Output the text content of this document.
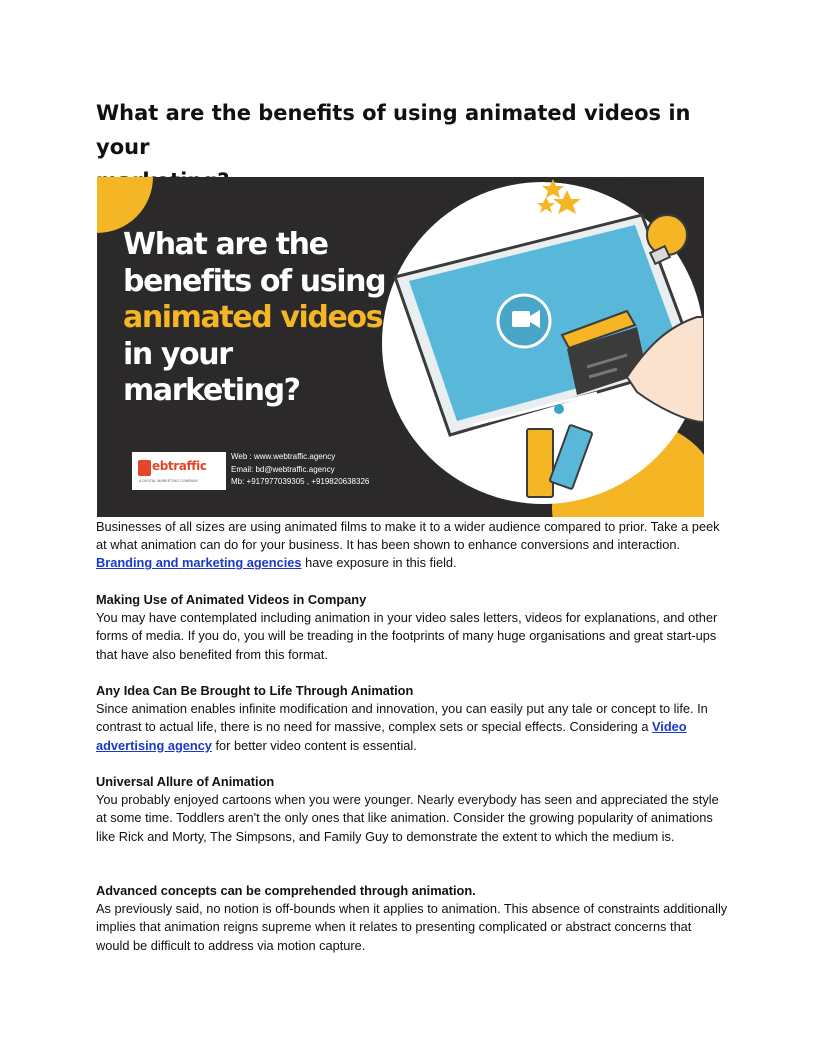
What are the benefits of using animated videos in your

What are the
benefits of using
animated videos
in your
marketing?
ebtraffic
A DIGITAL MARKETING COMPANY
Web : www.webtraffic.agency
Email: bd@webtraffic.agency
Mb: +917977039305 , +919820638326

Businesses of all sizes are using animated films to make it to a wider audience compared to prior. Take a peek at what animation can do for your business. It has been shown to enhance conversions and interaction. Branding and marketing agencies have exposure in this field.

Making Use of Animated Videos in Company

You may have contemplated including animation in your video sales letters, videos for explanations, and other forms of media. If you do, you will be treading in the footprints of many huge organisations and great start-ups that have also benefited from this format.

Any Idea Can Be Brought to Life Through Animation

Since animation enables infinite modification and innovation, you can easily put any tale or concept to life. In contrast to actual life, there is no need for massive, complex sets or special effects. Considering a Video advertising agency for better video content is essential.

Universal Allure of Animation

You probably enjoyed cartoons when you were younger. Nearly everybody has seen and appreciated the style at some time. Toddlers aren't the only ones that like animation. Consider the growing popularity of animations like Rick and Morty, The Simpsons, and Family Guy to demonstrate the extent to which the medium is.

Advanced concepts can be comprehended through animation.

As previously said, no notion is off-bounds when it applies to animation. This absence of constraints additionally implies that animation reigns supreme when it relates to presenting complicated or abstract concerns that would be difficult to address via motion capture.
